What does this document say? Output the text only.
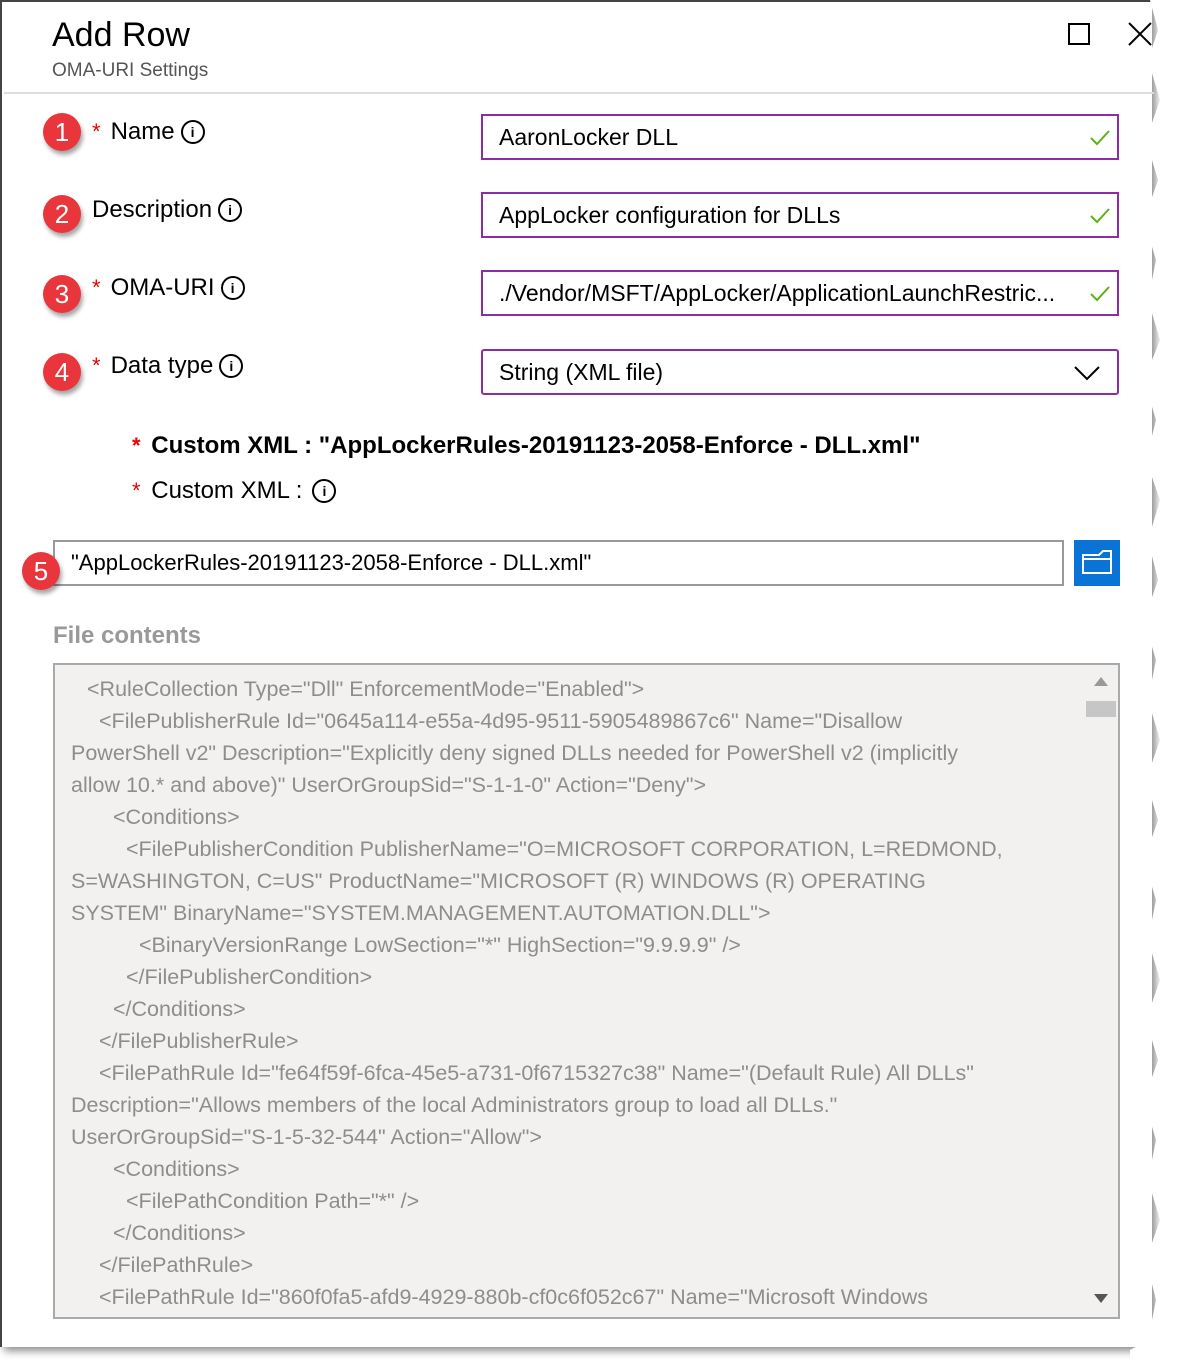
Add Row
OMA-URI Settings
1	* Name	i	AaronLocker DLL
2 Description	i	AppLocker configuration for DLLs
3	* OMA-URI	i	./Vendor/MSFT/AppLocker/ApplicationLaunchRestric...
4	* Data type	i	String (XML file)
* Custom XML : "AppLockerRules-20191123-2058-Enforce - DLL.xml"
* Custom XML :	i
"AppLockerRules-20191123-2058-Enforce - DLL.xml"
5
File contents
<RuleCollection Type="Dll" EnforcementMode="Enabled">
<FilePublisherRule Id="0645a114-e55a-4d95-9511-5905489867c6" Name="Disallow
PowerShell v2" Description="Explicitly deny signed DLLs needed for PowerShell v2 (implicitly
allow 10.* and above)" UserOrGroupSid="S-1-1-0" Action="Deny">
<Conditions>
<FilePublisherCondition PublisherName="O=MICROSOFT CORPORATION, L=REDMOND,
S=WASHINGTON, C=US" ProductName="MICROSOFT (R) WINDOWS (R) OPERATING
SYSTEM" BinaryName="SYSTEM.MANAGEMENT.AUTOMATION.DLL">
<BinaryVersionRange LowSection="*" HighSection="9.9.9.9" />
</FilePublisherCondition>
</Conditions>
</FilePublisherRule>
<FilePathRule Id="fe64f59f-6fca-45e5-a731-0f6715327c38" Name="(Default Rule) All DLLs"
Description="Allows members of the local Administrators group to load all DLLs."
UserOrGroupSid="S-1-5-32-544" Action="Allow">
<Conditions>
<FilePathCondition Path="*" />
</Conditions>
</FilePathRule>
<FilePathRule Id="860f0fa5-afd9-4929-880b-cf0c6f052c67" Name="Microsoft Windows
